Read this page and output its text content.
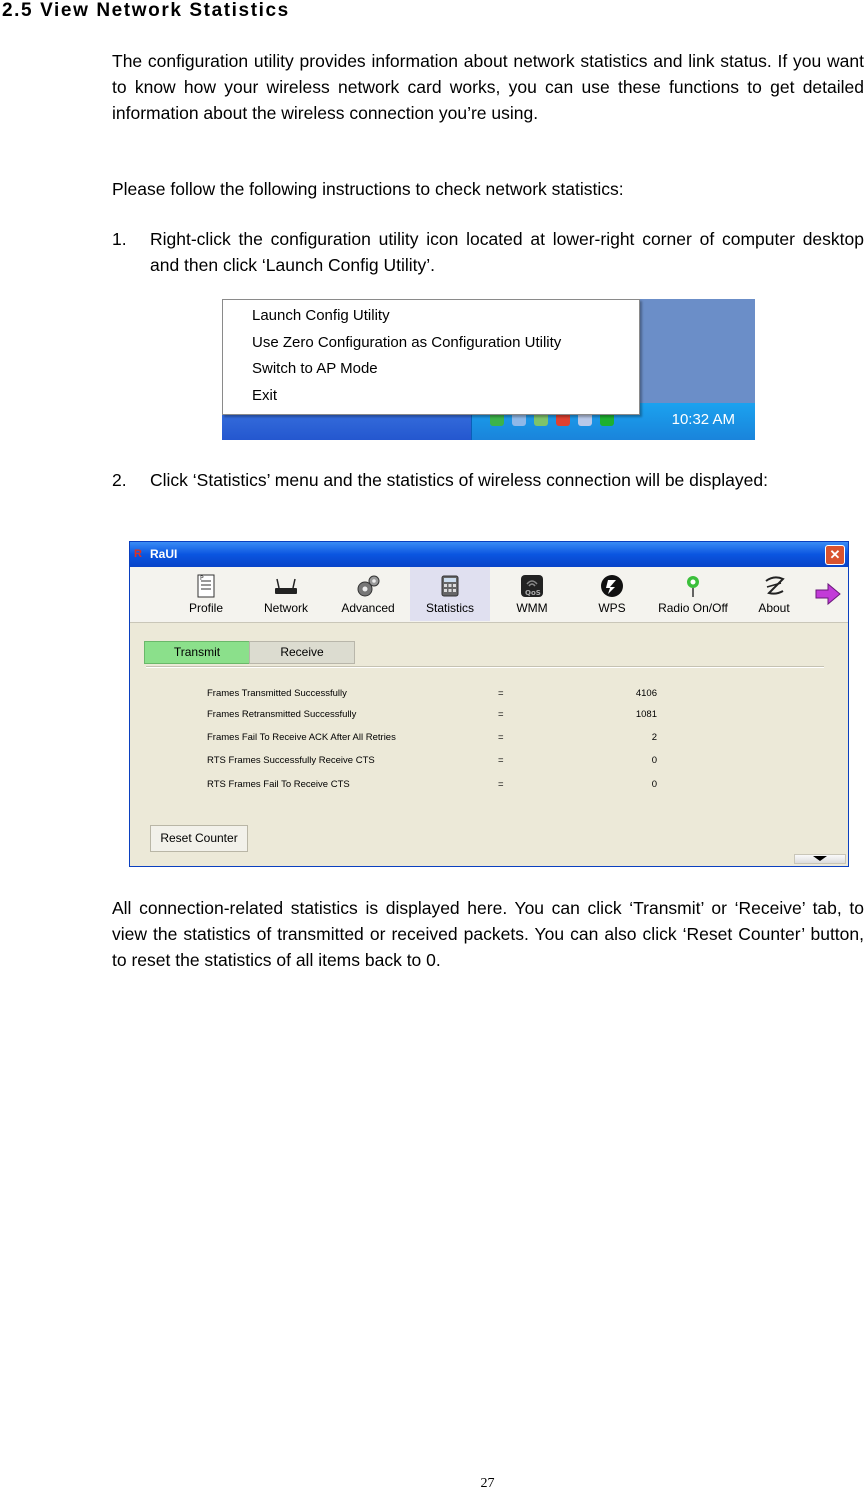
2.5 View Network Statistics
The configuration utility provides information about network statistics and link status. If you want to know how your wireless network card works, you can use these functions to get detailed information about the wireless connection you’re using.
Please follow the following instructions to check network statistics:
1. Right-click the configuration utility icon located at lower-right corner of computer desktop and then click ‘Launch Config Utility’.
10:32 AM
Launch Config Utility
Use Zero Configuration as Configuration Utility
Switch to AP Mode
Exit
2. Click ‘Statistics’ menu and the statistics of wireless connection will be displayed:
R RaUI	✕
P
Profile	Network	Advanced	Statistics
QoS
WMM	WPS	Radio On/Off	About
Transmit	Receive
Frames Transmitted Successfully	=	4106
Frames Retransmitted Successfully	=	1081
Frames Fail To Receive ACK After All Retries	=	2
RTS Frames Successfully Receive CTS	=	0
RTS Frames Fail To Receive CTS	=	0
Reset Counter
All connection-related statistics is displayed here. You can click ‘Transmit’ or ‘Receive’ tab, to view the statistics of transmitted or received packets. You can also click ‘Reset Counter’ button, to reset the statistics of all items back to 0.
27
